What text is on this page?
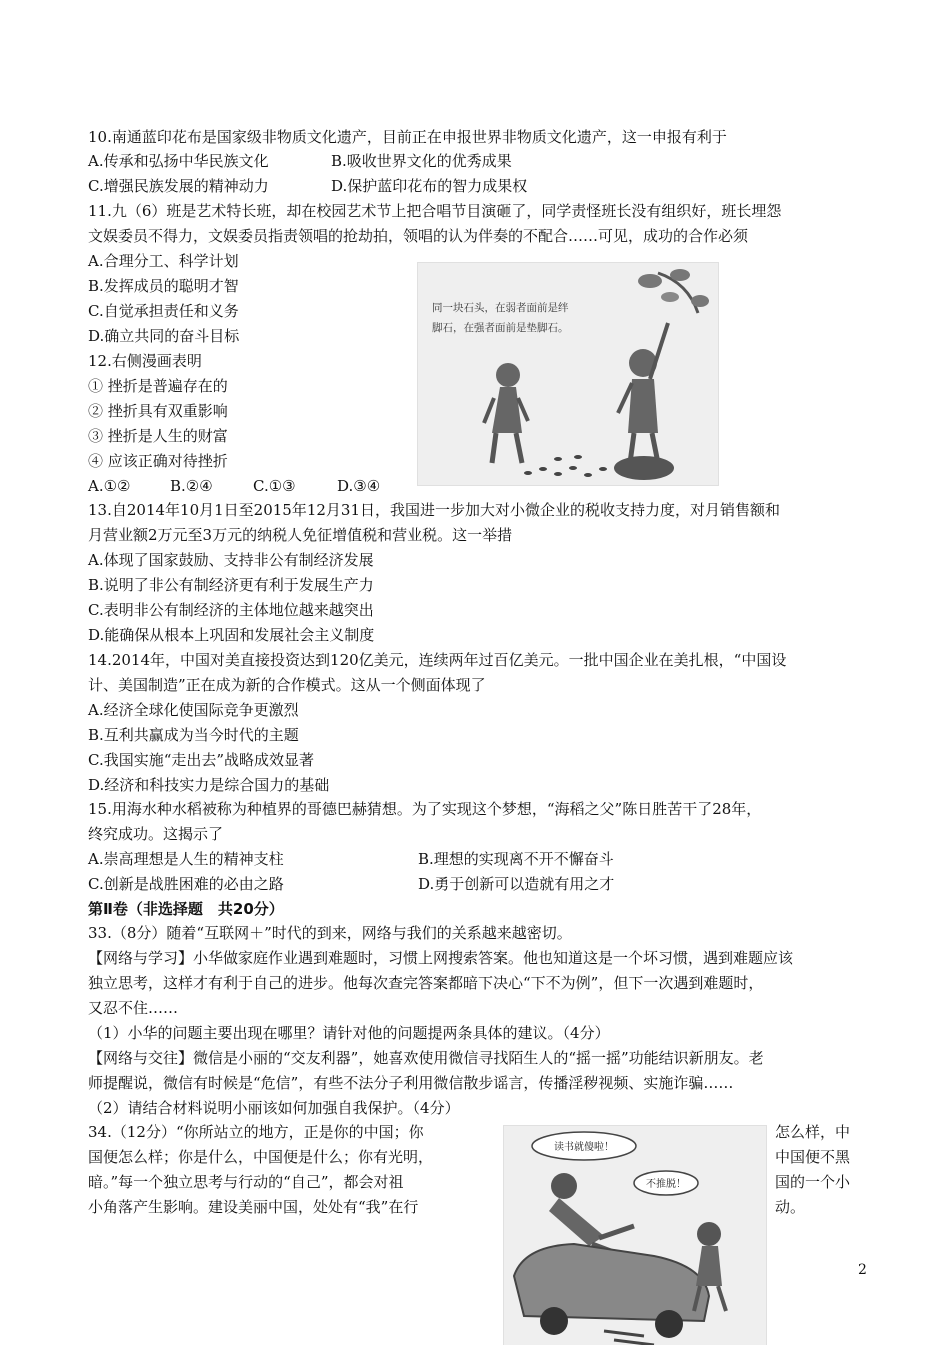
10.南通蓝印花布是国家级非物质文化遗产，目前正在申报世界非物质文化遗产，这一申报有利于
A.传承和弘扬中华民族文化	B.吸收世界文化的优秀成果
C.增强民族发展的精神动力	D.保护蓝印花布的智力成果权
11.九（6）班是艺术特长班，却在校园艺术节上把合唱节目演砸了，同学责怪班长没有组织好，班长埋怨
文娱委员不得力，文娱委员指责领唱的抢劫拍，领唱的认为伴奏的不配合……可见，成功的合作必须
A.合理分工、科学计划
B.发挥成员的聪明才智
C.自觉承担责任和义务
D.确立共同的奋斗目标
12.右侧漫画表明
① 挫折是普遍存在的
② 挫折具有双重影响
③ 挫折是人生的财富
④ 应该正确对待挫折
A.①②	B.②④	C.①③	D.③④
同一块石头，在弱者面前是绊
脚石，在强者面前是垫脚石。
13.自2014年10月1日至2015年12月31日，我国进一步加大对小微企业的税收支持力度，对月销售额和
月营业额2万元至3万元的纳税人免征增值税和营业税。这一举措
A.体现了国家鼓励、支持非公有制经济发展
B.说明了非公有制经济更有利于发展生产力
C.表明非公有制经济的主体地位越来越突出
D.能确保从根本上巩固和发展社会主义制度
14.2014年，中国对美直接投资达到120亿美元，连续两年过百亿美元。一批中国企业在美扎根，“中国设
计、美国制造”正在成为新的合作模式。这从一个侧面体现了
A.经济全球化使国际竞争更激烈
B.互利共赢成为当今时代的主题
C.我国实施“走出去”战略成效显著
D.经济和科技实力是综合国力的基础
15.用海水种水稻被称为种植界的哥德巴赫猜想。为了实现这个梦想，“海稻之父”陈日胜苦干了28年，
终究成功。这揭示了
A.崇高理想是人生的精神支柱	B.理想的实现离不开不懈奋斗
C.创新是战胜困难的必由之路	D.勇于创新可以造就有用之才
第Ⅱ卷（非选择题　共20分）
33.（8分）随着“互联网＋”时代的到来，网络与我们的关系越来越密切。
【网络与学习】小华做家庭作业遇到难题时，习惯上网搜索答案。他也知道这是一个坏习惯，遇到难题应该
独立思考，这样才有利于自己的进步。他每次查完答案都暗下决心“下不为例”，但下一次遇到难题时，
又忍不住……
（1）小华的问题主要出现在哪里？请针对他的问题提两条具体的建议。（4分）
【网络与交往】微信是小丽的“交友利器”，她喜欢使用微信寻找陌生人的“摇一摇”功能结识新朋友。老
师提醒说，微信有时候是“危信”，有些不法分子利用微信散步谣言，传播淫秽视频、实施诈骗……
（2）请结合材料说明小丽该如何加强自我保护。（4分）
34.（12分）“你所站立的地方，正是你的中国；你	怎么样，中
国便怎么样；你是什么，中国便是什么；你有光明，	中国便不黑
暗。”每一个独立思考与行动的“自己”，都会对祖	国的一个小
小角落产生影响。建设美丽中国，处处有“我”在行	动。
读书就傻啦！
不推脱！
2
